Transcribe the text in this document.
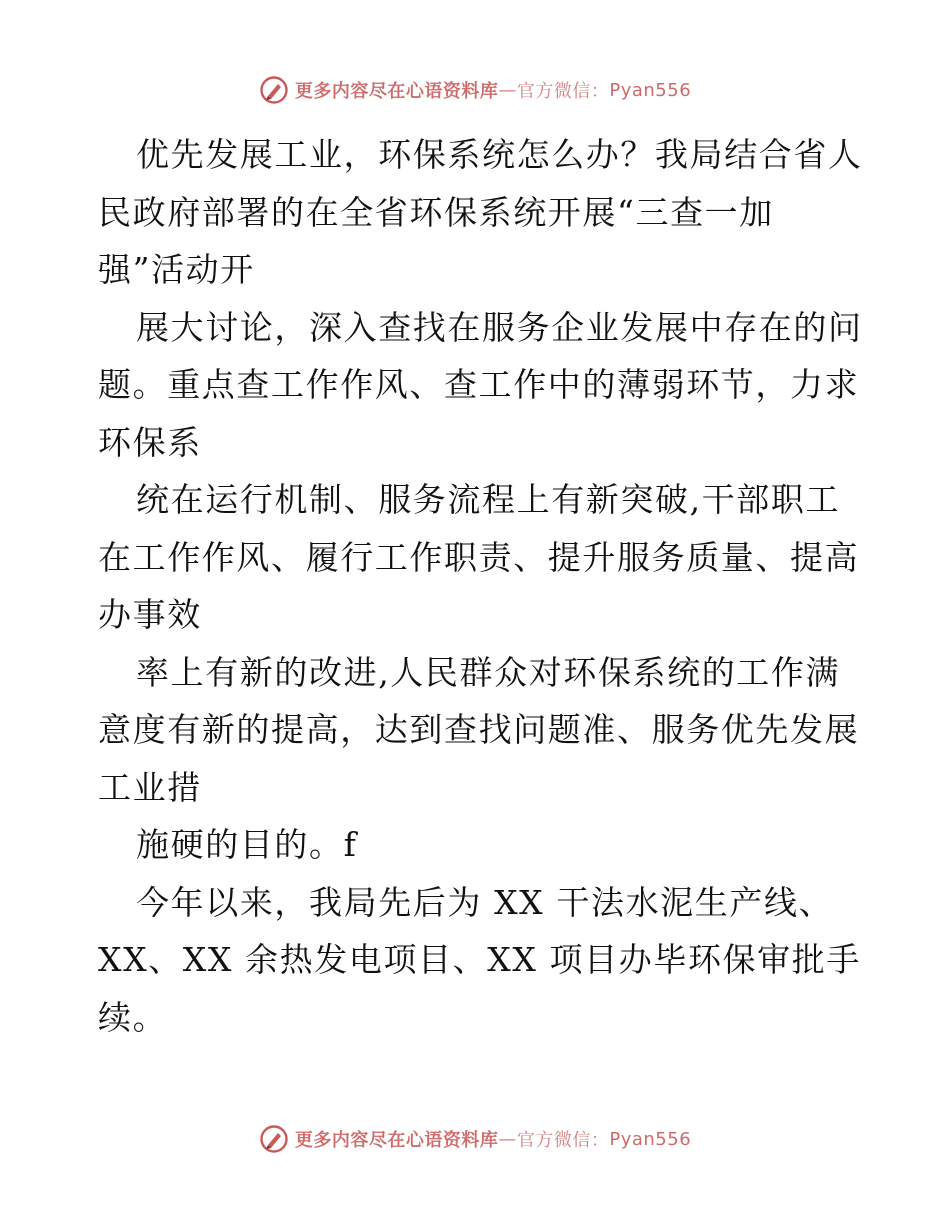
更多内容尽在心语资料库 — 官方微信： Pyan556
优先发展工业，环保系统怎么办？我局结合省人
民政府部署的在全省环保系统开展“三查一加
强”活动开
展大讨论，深入查找在服务企业发展中存在的问
题。重点查工作作风、查工作中的薄弱环节，力求
环保系
统在运行机制、服务流程上有新突破,干部职工
在工作作风、履行工作职责、提升服务质量、提高
办事效
率上有新的改进,人民群众对环保系统的工作满
意度有新的提高，达到查找问题准、服务优先发展
工业措
施硬的目的。f
今年以来，我局先后为 XX 干法水泥生产线、
XX、XX 余热发电项目、XX 项目办毕环保审批手
续。
更多内容尽在心语资料库 — 官方微信： Pyan556
